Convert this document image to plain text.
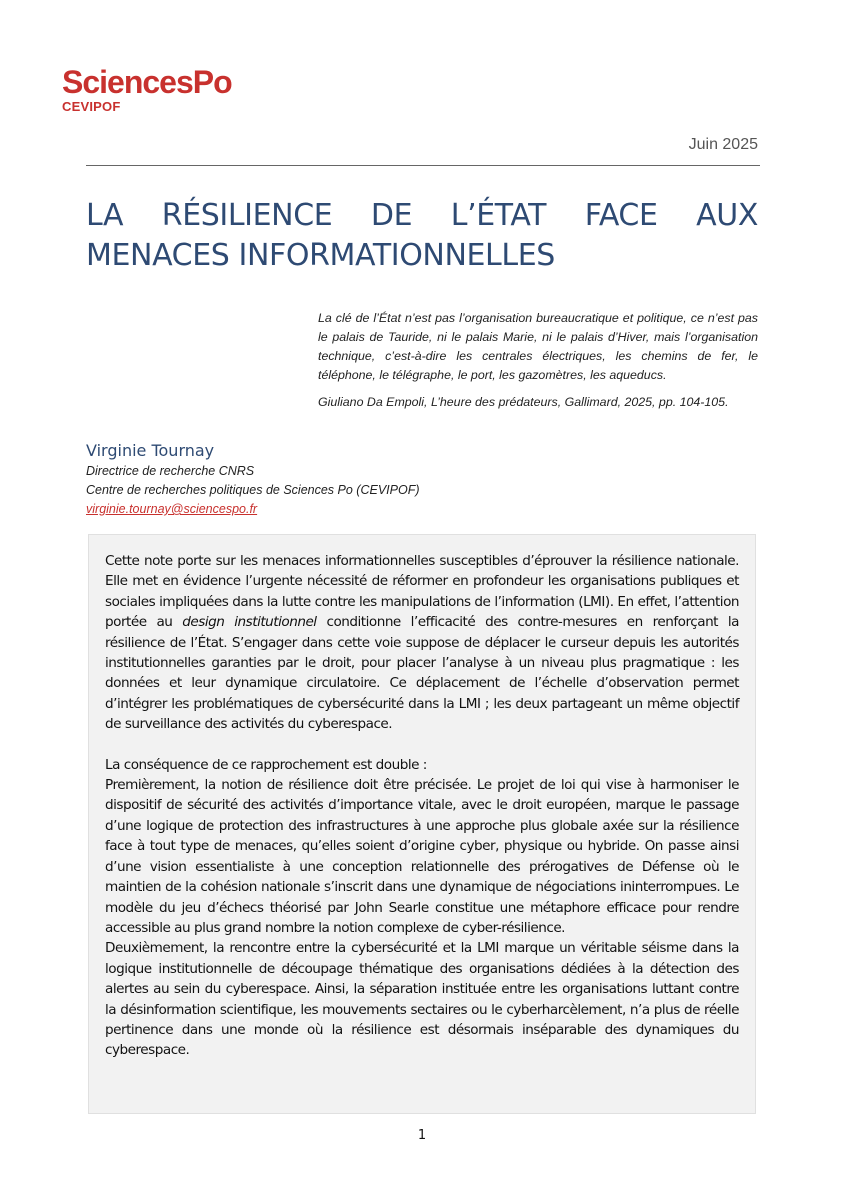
SciencesPo
CEVIPOF
Juin 2025
LA RÉSILIENCE DE L’ÉTAT FACE AUX MENACES INFORMATIONNELLES

La clé de l’État n’est pas l’organisation bureaucratique et politique, ce n’est pas le palais de Tauride, ni le palais Marie, ni le palais d’Hiver, mais l’organisation technique, c’est-à-dire les centrales électriques, les chemins de fer, le téléphone, le télégraphe, le port, les gazomètres, les aqueducs.

Giuliano Da Empoli, L’heure des prédateurs, Gallimard, 2025, pp. 104-105.

Virginie Tournay
Directrice de recherche CNRS
Centre de recherches politiques de Sciences Po (CEVIPOF)
virginie.tournay@sciencespo.fr

Cette note porte sur les menaces informationnelles susceptibles d’éprouver la résilience nationale. Elle met en évidence l’urgente nécessité de réformer en profondeur les organisations publiques et sociales impliquées dans la lutte contre les manipulations de l’information (LMI). En effet, l’attention portée au design institutionnel conditionne l’efficacité des contre-mesures en renforçant la résilience de l’État. S’engager dans cette voie suppose de déplacer le curseur depuis les autorités institutionnelles garanties par le droit, pour placer l’analyse à un niveau plus pragmatique : les données et leur dynamique circulatoire. Ce déplacement de l’échelle d’observation permet d’intégrer les problématiques de cybersécurité dans la LMI ; les deux partageant un même objectif de surveillance des activités du cyberespace.

La conséquence de ce rapprochement est double :

Premièrement, la notion de résilience doit être précisée. Le projet de loi qui vise à harmoniser le dispositif de sécurité des activités d’importance vitale, avec le droit européen, marque le passage d’une logique de protection des infrastructures à une approche plus globale axée sur la résilience face à tout type de menaces, qu’elles soient d’origine cyber, physique ou hybride. On passe ainsi d’une vision essentialiste à une conception relationnelle des prérogatives de Défense où le maintien de la cohésion nationale s’inscrit dans une dynamique de négociations ininterrompues. Le modèle du jeu d’échecs théorisé par John Searle constitue une métaphore efficace pour rendre accessible au plus grand nombre la notion complexe de cyber-résilience.

Deuxièmement, la rencontre entre la cybersécurité et la LMI marque un véritable séisme dans la logique institutionnelle de découpage thématique des organisations dédiées à la détection des alertes au sein du cyberespace. Ainsi, la séparation instituée entre les organisations luttant contre la désinformation scientifique, les mouvements sectaires ou le cyberharcèlement, n’a plus de réelle pertinence dans une monde où la résilience est désormais inséparable des dynamiques du cyberespace.

1
